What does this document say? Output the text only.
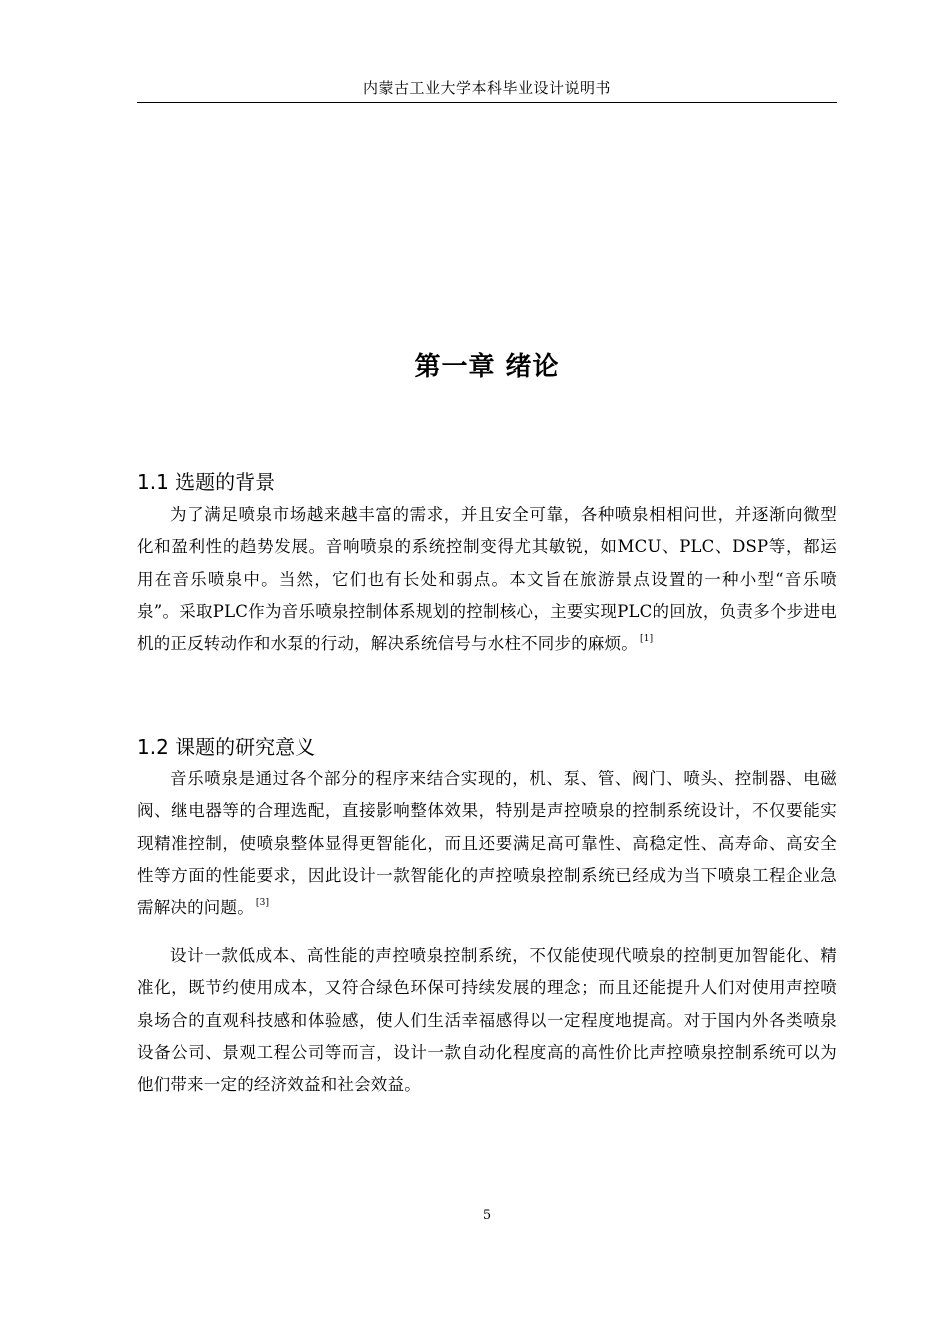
内蒙古工业大学本科毕业设计说明书
第一章 绪论
1.1 选题的背景
为了满足喷泉市场越来越丰富的需求，并且安全可靠，各种喷泉相相问世，并逐渐向微型化和盈利性的趋势发展。音响喷泉的系统控制变得尤其敏锐，如MCU、PLC、DSP等，都运用在音乐喷泉中。当然，它们也有长处和弱点。本文旨在旅游景点设置的一种小型“音乐喷泉”。采取PLC作为音乐喷泉控制体系规划的控制核心，主要实现PLC的回放，负责多个步进电机的正反转动作和水泵的行动，解决系统信号与水柱不同步的麻烦。 [1]
1.2 课题的研究意义
音乐喷泉是通过各个部分的程序来结合实现的，机、泵、管、阀门、喷头、控制器、电磁阀、继电器等的合理选配，直接影响整体效果，特别是声控喷泉的控制系统设计，不仅要能实现精准控制，使喷泉整体显得更智能化，而且还要满足高可靠性、高稳定性、高寿命、高安全性等方面的性能要求，因此设计一款智能化的声控喷泉控制系统已经成为当下喷泉工程企业急需解决的问题。 [3]
设计一款低成本、高性能的声控喷泉控制系统，不仅能使现代喷泉的控制更加智能化、精准化，既节约使用成本，又符合绿色环保可持续发展的理念；而且还能提升人们对使用声控喷泉场合的直观科技感和体验感，使人们生活幸福感得以一定程度地提高。对于国内外各类喷泉设备公司、景观工程公司等而言，设计一款自动化程度高的高性价比声控喷泉控制系统可以为他们带来一定的经济效益和社会效益。
5
